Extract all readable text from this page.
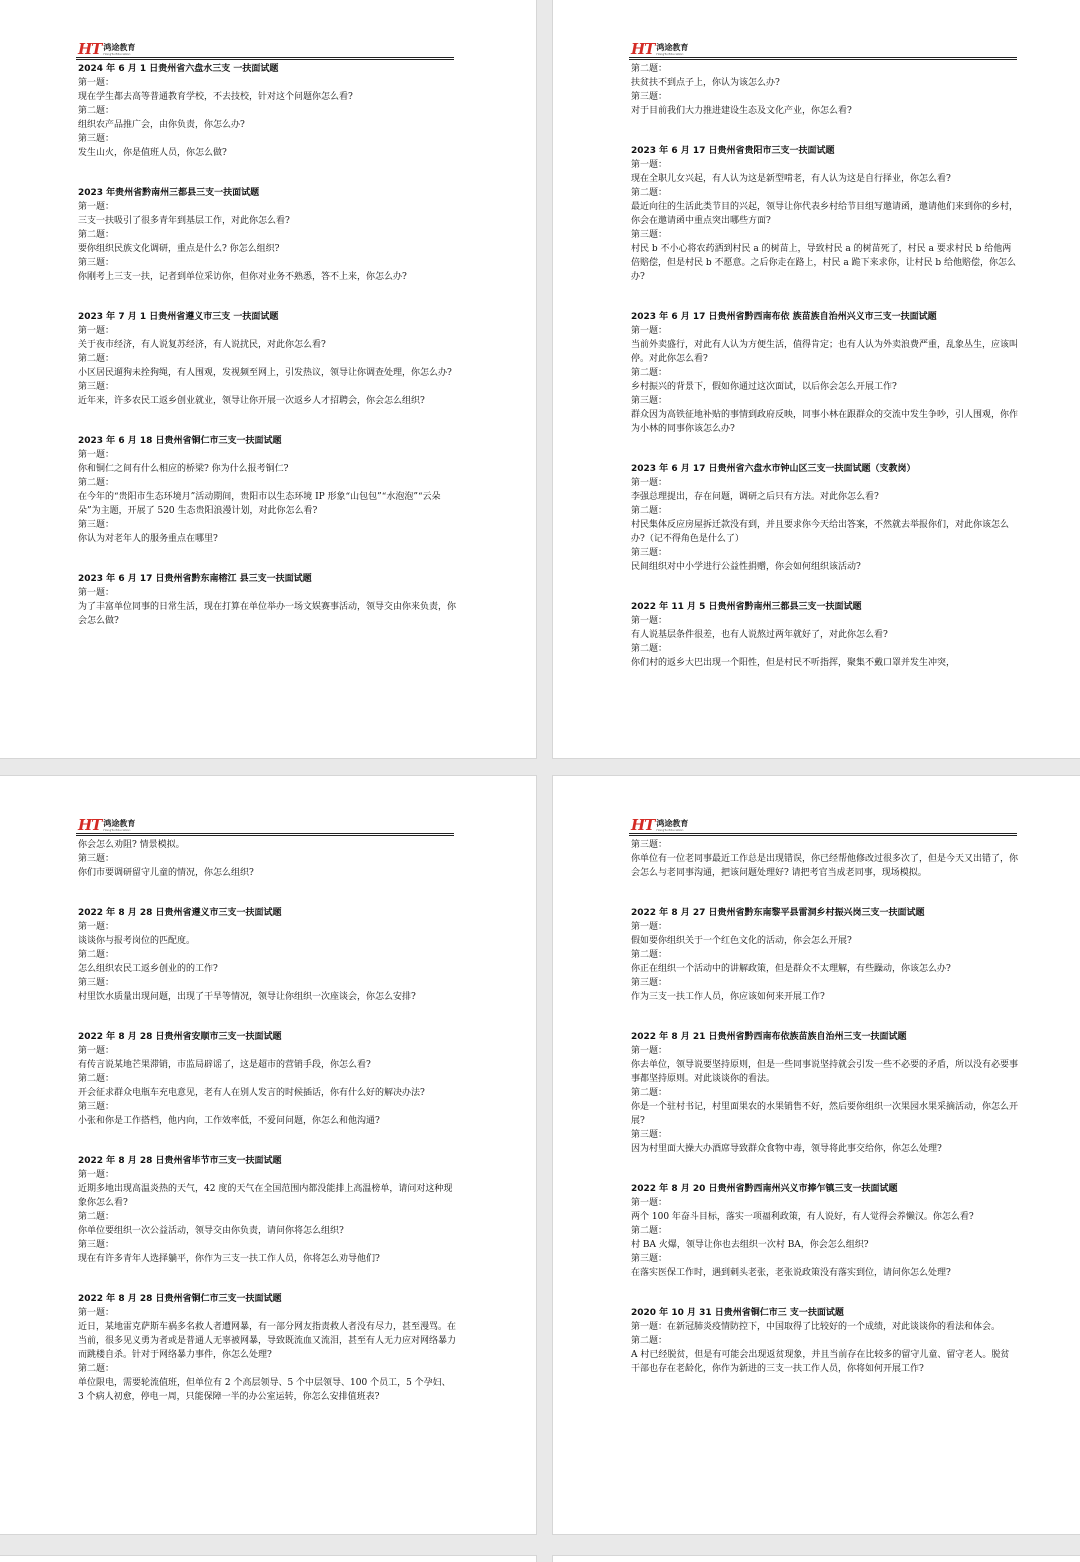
HT 鸿途教育
HongTu Education
2024 年 6 月 1 日贵州省六盘水三支 一扶面试题
第一题：
现在学生都去高等普通教育学校，不去技校，针对这个问题你怎么看?
第二题：
组织农产品推广会，由你负责，你怎么办?
第三题：
发生山火，你是值班人员，你怎么做?
2023 年贵州省黔南州三都县三支一扶面试题
第一题：
三支一扶吸引了很多青年到基层工作，对此你怎么看?
第二题：
要你组织民族文化调研，重点是什么? 你怎么组织?
第三题：
你刚考上三支一扶，记者到单位采访你，但你对业务不熟悉，答不上来，你怎么办?
2023 年 7 月 1 日贵州省遵义市三支 一扶面试题
第一题：
关于夜市经济，有人说复苏经济，有人说扰民，对此你怎么看?
第二题：
小区居民遛狗未拴狗绳，有人围观，发视频至网上，引发热议，领导让你调查处理，你怎么办?
第三题：
近年来，许多农民工返乡创业就业，领导让你开展一次返乡人才招聘会，你会怎么组织?
2023 年 6 月 18 日贵州省铜仁市三支一扶面试题
第一题：
你和铜仁之间有什么相应的桥梁? 你为什么报考铜仁?
第二题：
在今年的“贵阳市生态环境月”活动期间，贵阳市以生态环境 IP 形象“山包包”“水泡泡”“云朵朵”为主题，开展了 520 生态贵阳浪漫计划，对此你怎么看?
第三题：
你认为对老年人的服务重点在哪里?
2023 年 6 月 17 日贵州省黔东南榕江 县三支一扶面试题
第一题：
为了丰富单位同事的日常生活，现在打算在单位举办一场文娱赛事活动，领导交由你来负责，你会怎么做?
HT 鸿途教育
HongTu Education
第二题：
扶贫扶不到点子上，你认为该怎么办?
第三题：
对于目前我们大力推进建设生态及文化产业，你怎么看?
2023 年 6 月 17 日贵州省贵阳市三支一扶面试题
第一题：
现在全职儿女兴起，有人认为这是新型啃老，有人认为这是自行择业，你怎么看?
第二题：
最近向往的生活此类节目的兴起，领导让你代表乡村给节目组写邀请函，邀请他们来到你的乡村，你会在邀请函中重点突出哪些方面?
第三题：
村民 b 不小心将农药洒到村民 a 的树苗上，导致村民 a 的树苗死了，村民 a 要求村民 b 给他两倍赔偿，但是村民 b 不愿意。之后你走在路上，村民 a 跪下来求你，让村民 b 给他赔偿，你怎么办?
2023 年 6 月 17 日贵州省黔西南布依 族苗族自治州兴义市三支一扶面试题
第一题：
当前外卖盛行，对此有人认为方便生活，值得肯定；也有人认为外卖浪费严重，乱象丛生，应该叫停。对此你怎么看?
第二题：
乡村振兴的背景下，假如你通过这次面试，以后你会怎么开展工作?
第三题：
群众因为高铁征地补贴的事情到政府反映，同事小林在跟群众的交流中发生争吵，引人围观，你作为小林的同事你该怎么办?
2023 年 6 月 17 日贵州省六盘水市钟山区三支一扶面试题（支教岗）
第一题：
李强总理提出，存在问题，调研之后只有方法。对此你怎么看?
第二题：
村民集体反应房屋拆迁款没有到，并且要求你今天给出答案，不然就去举报你们，对此你该怎么办?（记不得角色是什么了）
第三题：
民间组织对中小学进行公益性捐赠，你会如何组织该活动?
2022 年 11 月 5 日贵州省黔南州三都县三支一扶面试题
第一题：
有人说基层条件很差，也有人说熬过两年就好了，对此你怎么看?
第二题：
你们村的返乡大巴出现一个阳性，但是村民不听指挥，聚集不戴口罩并发生冲突，
HT 鸿途教育
HongTu Education
你会怎么劝阻? 情景模拟。
第三题：
你们市要调研留守儿童的情况，你怎么组织?
2022 年 8 月 28 日贵州省遵义市三支一扶面试题
第一题：
谈谈你与报考岗位的匹配度。
第二题：
怎么组织农民工返乡创业的的工作?
第三题：
村里饮水质量出现问题，出现了干旱等情况，领导让你组织一次座谈会，你怎么安排?
2022 年 8 月 28 日贵州省安顺市三支一扶面试题
第一题：
有传言说某地芒果滞销，市监局辟谣了，这是超市的营销手段，你怎么看?
第二题：
开会征求群众电瓶车充电意见，老有人在别人发言的时候插话，你有什么好的解决办法?
第三题：
小张和你是工作搭档，他内向，工作效率低，不爱问问题，你怎么和他沟通?
2022 年 8 月 28 日贵州省毕节市三支一扶面试题
第一题：
近期多地出现高温炎热的天气，42 度的天气在全国范围内都没能排上高温榜单，请问对这种现象你怎么看?
第二题：
你单位要组织一次公益活动，领导交由你负责，请问你将怎么组织?
第三题：
现在有许多青年人选择躺平，你作为三支一扶工作人员，你将怎么劝导他们?
2022 年 8 月 28 日贵州省铜仁市三支一扶面试题
第一题：
近日，某地雷克萨斯车祸多名救人者遭网暴，有一部分网友指责救人者没有尽力，甚至漫骂。在当前，很多见义勇为者或是普通人无辜被网暴，导致既流血又流泪，甚至有人无力应对网络暴力而跳楼自杀。针对于网络暴力事件，你怎么处理?
第二题：
单位限电，需要轮流值班，但单位有 2 个高层领导、5 个中层领导、100 个员工，5 个孕妇、3 个病人初愈，停电一周，只能保障一半的办公室运转，你怎么安排值班表?
HT 鸿途教育
HongTu Education
第三题：
你单位有一位老同事最近工作总是出现错误，你已经帮他修改过很多次了，但是今天又出错了，你会怎么与老同事沟通，把该问题处理好? 请把考官当成老同事，现场模拟。
2022 年 8 月 27 日贵州省黔东南黎平县雷洞乡村振兴岗三支一扶面试题
第一题：
假如要你组织关于一个红色文化的活动，你会怎么开展?
第二题：
你正在组织一个活动中的讲解政策，但是群众不太理解，有些躁动，你该怎么办?
第三题：
作为三支一扶工作人员，你应该如何来开展工作?
2022 年 8 月 21 日贵州省黔西南布依族苗族自治州三支一扶面试题
第一题：
你去单位，领导说要坚持原则，但是一些同事说坚持就会引发一些不必要的矛盾，所以没有必要事事都坚持原则。对此谈谈你的看法。
第二题：
你是一个驻村书记，村里面果农的水果销售不好，然后要你组织一次果园水果采摘活动，你怎么开展?
第三题：
因为村里面大操大办酒席导致群众食物中毒，领导将此事交给你，你怎么处理?
2022 年 8 月 20 日贵州省黔西南州兴义市捧乍镇三支一扶面试题
第一题：
两个 100 年奋斗目标，落实一项福利政策，有人说好，有人觉得会养懒汉。你怎么看?
第二题：
村 BA 火爆，领导让你也去组织一次村 BA，你会怎么组织?
第三题：
在落实医保工作时，遇到刺头老张，老张说政策没有落实到位，请问你怎么处理?
2020 年 10 月 31 日贵州省铜仁市三 支一扶面试题
第一题：在新冠肺炎疫情防控下，中国取得了比较好的一个成绩，对此谈谈你的看法和体会。
第二题：
A 村已经脱贫，但是有可能会出现返贫现象，并且当前存在比较多的留守儿童、留守老人。脱贫干部也存在老龄化，你作为新进的三支一扶工作人员，你将如何开展工作?
